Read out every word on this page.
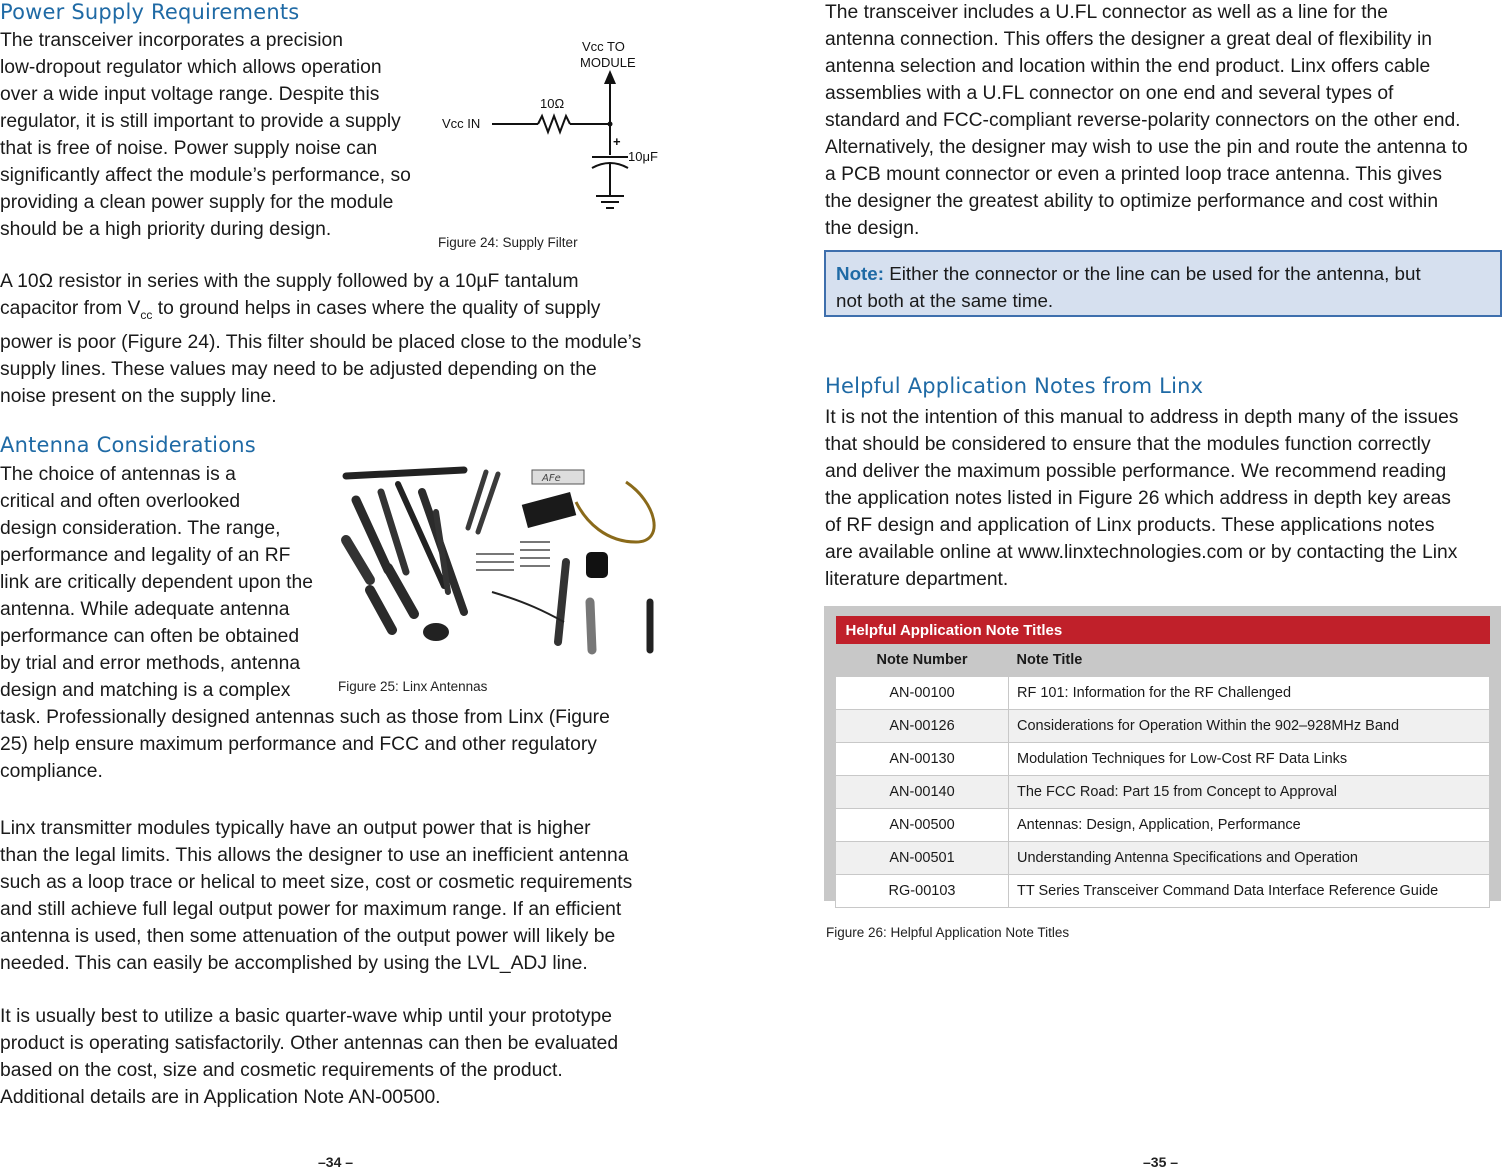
Power Supply Requirements
The transceiver incorporates a precision
low-dropout regulator which allows operation
over a wide input voltage range. Despite this
regulator, it is still important to provide a supply
that is free of noise. Power supply noise can
significantly affect the module’s performance, so
providing a clean power supply for the module
should be a high priority during design.
Vcc TO
MODULE
Vcc IN
10Ω
10μF
+
Figure 24: Supply Filter
A 10Ω resistor in series with the supply followed by a 10µF tantalum
capacitor from $V_{cc}$ to ground helps in cases where the quality of supply
power is poor (Figure 24). This filter should be placed close to the module’s
supply lines. These values may need to be adjusted depending on the
noise present on the supply line.
Antenna Considerations
The choice of antennas is a
critical and often overlooked
design consideration. The range,
performance and legality of an RF
link are critically dependent upon the
antenna. While adequate antenna
performance can often be obtained
by trial and error methods, antenna
design and matching is a complex
AFe
Figure 25: Linx Antennas
task. Professionally designed antennas such as those from Linx (Figure
25) help ensure maximum performance and FCC and other regulatory
compliance.
Linx transmitter modules typically have an output power that is higher
than the legal limits. This allows the designer to use an inefficient antenna
such as a loop trace or helical to meet size, cost or cosmetic requirements
and still achieve full legal output power for maximum range. If an efficient
antenna is used, then some attenuation of the output power will likely be
needed. This can easily be accomplished by using the LVL_ADJ line.
It is usually best to utilize a basic quarter-wave whip until your prototype
product is operating satisfactorily. Other antennas can then be evaluated
based on the cost, size and cosmetic requirements of the product.
Additional details are in Application Note AN-00500.
–34 –
The transceiver includes a U.FL connector as well as a line for the
antenna connection. This offers the designer a great deal of flexibility in
antenna selection and location within the end product. Linx offers cable
assemblies with a U.FL connector on one end and several types of
standard and FCC-compliant reverse-polarity connectors on the other end.
Alternatively, the designer may wish to use the pin and route the antenna to
a PCB mount connector or even a printed loop trace antenna. This gives
the designer the greatest ability to optimize performance and cost within
the design.
Note: Either the connector or the line can be used for the antenna, but
not both at the same time.
Helpful Application Notes from Linx
It is not the intention of this manual to address in depth many of the issues
that should be considered to ensure that the modules function correctly
and deliver the maximum possible performance. We recommend reading
the application notes listed in Figure 26 which address in depth key areas
of RF design and application of Linx products. These applications notes
are available online at www.linxtechnologies.com or by contacting the Linx
literature department.
Helpful Application Note Titles	
Note Number	Note Title
AN-00100	RF 101: Information for the RF Challenged
AN-00126	Considerations for Operation Within the 902–928MHz Band
AN-00130	Modulation Techniques for Low-Cost RF Data Links
AN-00140	The FCC Road: Part 15 from Concept to Approval
AN-00500	Antennas: Design, Application, Performance
AN-00501	Understanding Antenna Specifications and Operation
RG-00103	TT Series Transceiver Command Data Interface Reference Guide
Figure 26: Helpful Application Note Titles
–35 –
